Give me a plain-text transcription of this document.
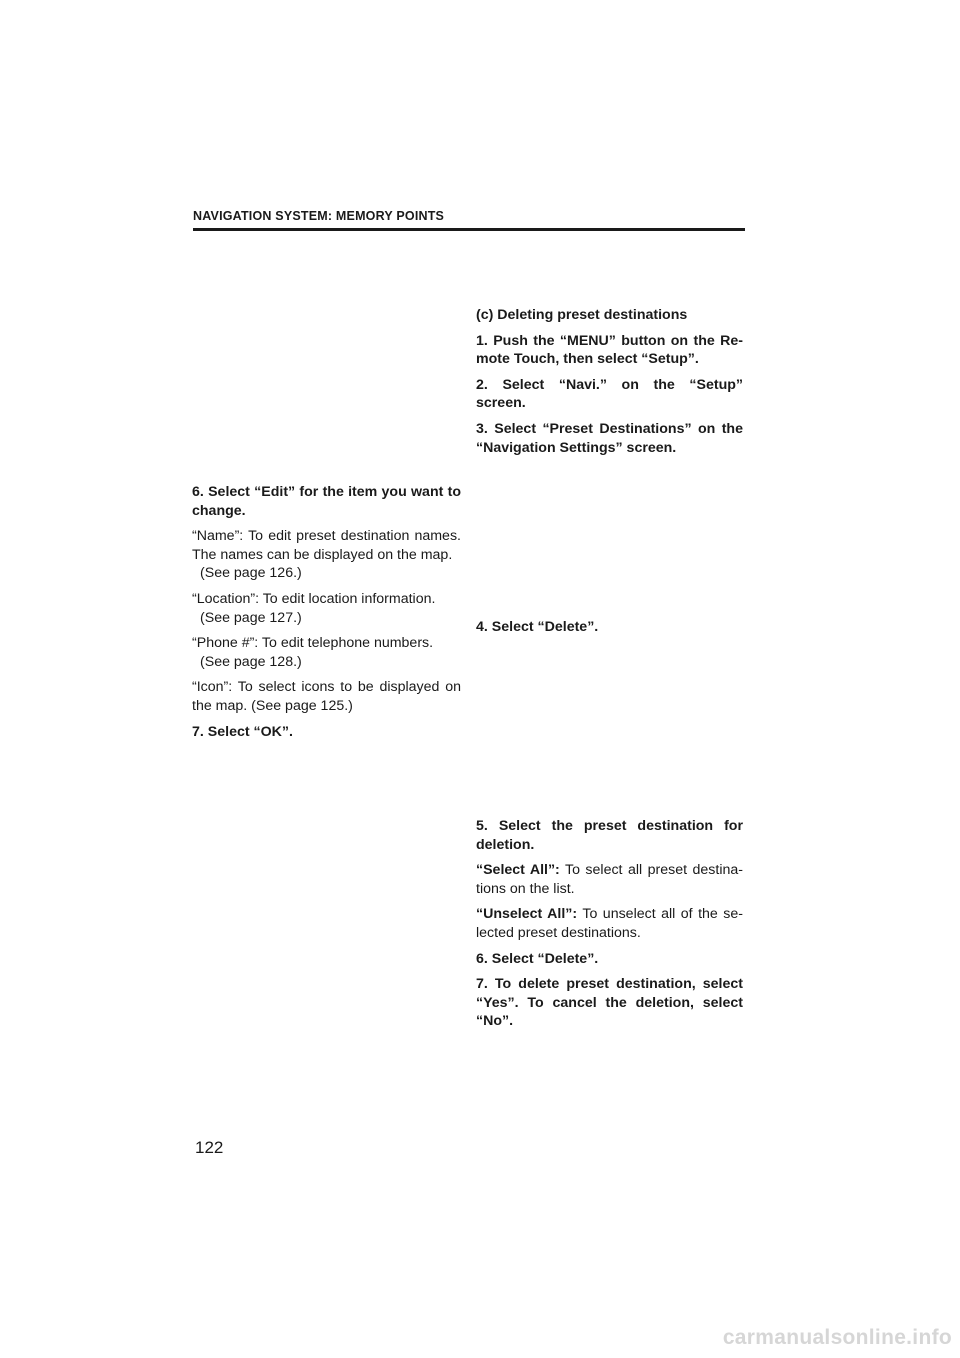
NAVIGATION SYSTEM: MEMORY POINTS

6. Select “Edit” for the item you want to change.

“Name”: To edit preset destination names. The names can be displayed on the map.
(See page 126.)

“Location”: To edit location information.
(See page 127.)

“Phone #”: To edit telephone numbers.
(See page 128.)

“Icon”: To select icons to be displayed on the map. (See page 125.)

7. Select “OK”.

(c) Deleting preset destinations

1. Push the “MENU” button on the Re- mote Touch, then select “Setup”.

2. Select “Navi.” on the “Setup” screen.

3. Select “Preset Destinations” on the “Navigation Settings” screen.

4. Select “Delete”.

5. Select the preset destination for deletion.

“Select All”: To select all preset destina- tions on the list.

“Unselect All”: To unselect all of the se- lected preset destinations.

6. Select “Delete”.

7. To delete preset destination, select “Yes”. To cancel the deletion, select “No”.

122
carmanualsonline.info
